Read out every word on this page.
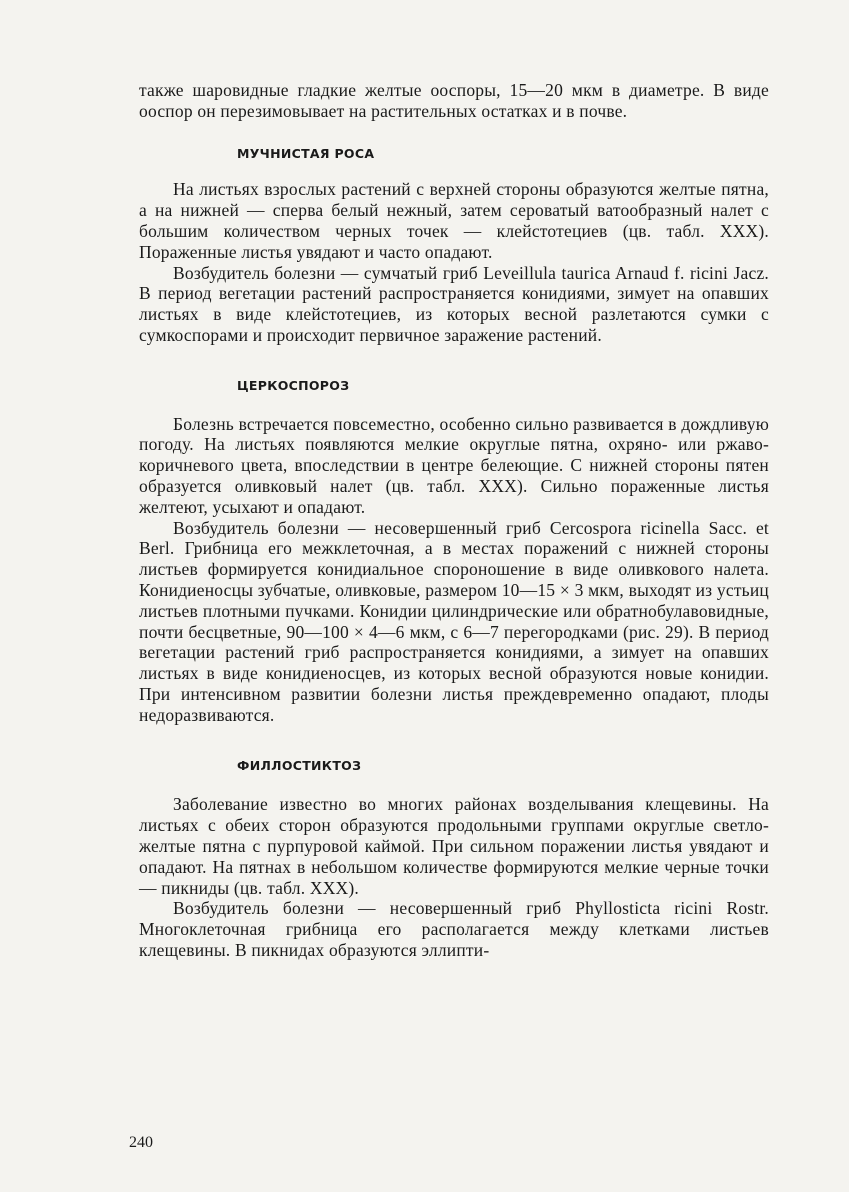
также шаровидные гладкие желтые ооспоры, 15—20 мкм в диаметре. В виде ооспор он перезимовывает на растительных остатках и в почве.

МУЧНИСТАЯ РОСА

На листьях взрослых растений с верхней стороны образуются желтые пятна, а на нижней — сперва белый нежный, затем сероватый ватообразный налет с большим количеством черных точек — клейстотециев (цв. табл. XXX). Пораженные листья увядают и часто опадают.

Возбудитель болезни — сумчатый гриб Leveillula taurica Arnaud f. ricini Jacz. В период вегетации растений распространяется конидиями, зимует на опавших листьях в виде клейстотециев, из которых весной разлетаются сумки с сумкоспорами и происходит первичное заражение растений.

ЦЕРКОСПОРОЗ

Болезнь встречается повсеместно, особенно сильно развивается в дождливую погоду. На листьях появляются мелкие округлые пятна, охряно- или ржаво-коричневого цвета, впоследствии в центре белеющие. С нижней стороны пятен образуется оливковый налет (цв. табл. XXX). Сильно пораженные листья желтеют, усыхают и опадают.

Возбудитель болезни — несовершенный гриб Cercospora ricinella Sacc. et Berl. Грибница его межклеточная, а в местах поражений с нижней стороны листьев формируется конидиальное спороношение в виде оливкового налета. Конидиеносцы зубчатые, оливковые, размером 10—15 × 3 мкм, выходят из устьиц листьев плотными пучками. Конидии цилиндрические или обратнобулавовидные, почти бесцветные, 90—100 × 4—6 мкм, с 6—7 перегородками (рис. 29). В период вегетации растений гриб распространяется конидиями, а зимует на опавших листьях в виде конидиеносцев, из которых весной образуются новые конидии. При интенсивном развитии болезни листья преждевременно опадают, плоды недоразвиваются.

ФИЛЛОСТИКТОЗ

Заболевание известно во многих районах возделывания клещевины. На листьях с обеих сторон образуются продольными группами округлые светло-желтые пятна с пурпуровой каймой. При сильном поражении листья увядают и опадают. На пятнах в небольшом количестве формируются мелкие черные точки — пикниды (цв. табл. XXX).

Возбудитель болезни — несовершенный гриб Phyllosticta ricini Rostr. Многоклеточная грибница его располагается между клетками листьев клещевины. В пикнидах образуются эллипти-

240
